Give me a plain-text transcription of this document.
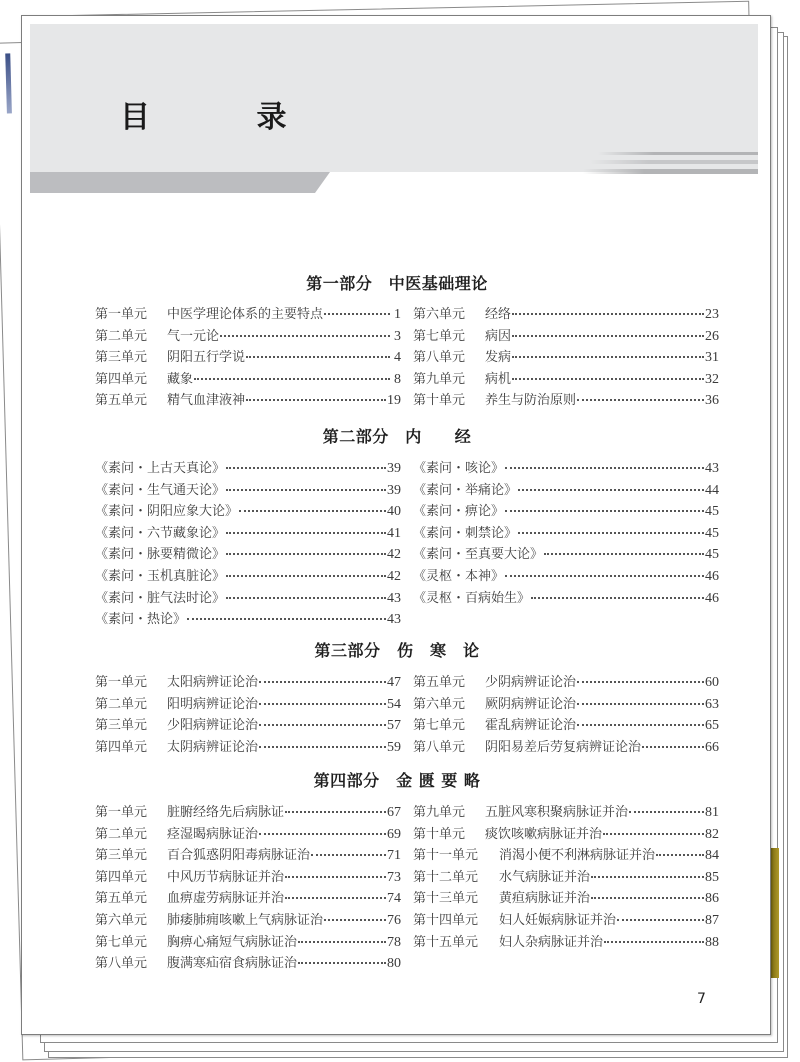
目 录
第一部分　中医基础理论
第一单元	中医学理论体系的主要特点	1
第二单元	气一元论	3
第三单元	阴阳五行学说	4
第四单元	藏象	8
第五单元	精气血津液神	19
第六单元	经络	23
第七单元	病因	26
第八单元	发病	31
第九单元	病机	32
第十单元	养生与防治原则	36
第二部分　内　　经
《素问・上古天真论》	39
《素问・生气通天论》	39
《素问・阴阳应象大论》	40
《素问・六节藏象论》	41
《素问・脉要精微论》	42
《素问・玉机真脏论》	42
《素问・脏气法时论》	43
《素问・热论》	43
《素问・咳论》	43
《素问・举痛论》	44
《素问・痹论》	45
《素问・刺禁论》	45
《素问・至真要大论》	45
《灵枢・本神》	46
《灵枢・百病始生》	46
第三部分　伤　寒　论
第一单元	太阳病辨证论治	47
第二单元	阳明病辨证论治	54
第三单元	少阳病辨证论治	57
第四单元	太阴病辨证论治	59
第五单元	少阴病辨证论治	60
第六单元	厥阴病辨证论治	63
第七单元	霍乱病辨证论治	65
第八单元	阴阳易差后劳复病辨证论治	66
第四部分　金 匮 要 略
第一单元	脏腑经络先后病脉证	67
第二单元	痉湿暍病脉证治	69
第三单元	百合狐惑阴阳毒病脉证治	71
第四单元	中风历节病脉证并治	73
第五单元	血痹虚劳病脉证并治	74
第六单元	肺痿肺痈咳嗽上气病脉证治	76
第七单元	胸痹心痛短气病脉证治	78
第八单元	腹满寒疝宿食病脉证治	80
第九单元	五脏风寒积聚病脉证并治	81
第十单元	痰饮咳嗽病脉证并治	82
第十一单元	消渴小便不利淋病脉证并治	84
第十二单元	水气病脉证并治	85
第十三单元	黄疸病脉证并治	86
第十四单元	妇人妊娠病脉证并治	87
第十五单元	妇人杂病脉证并治	88
7
